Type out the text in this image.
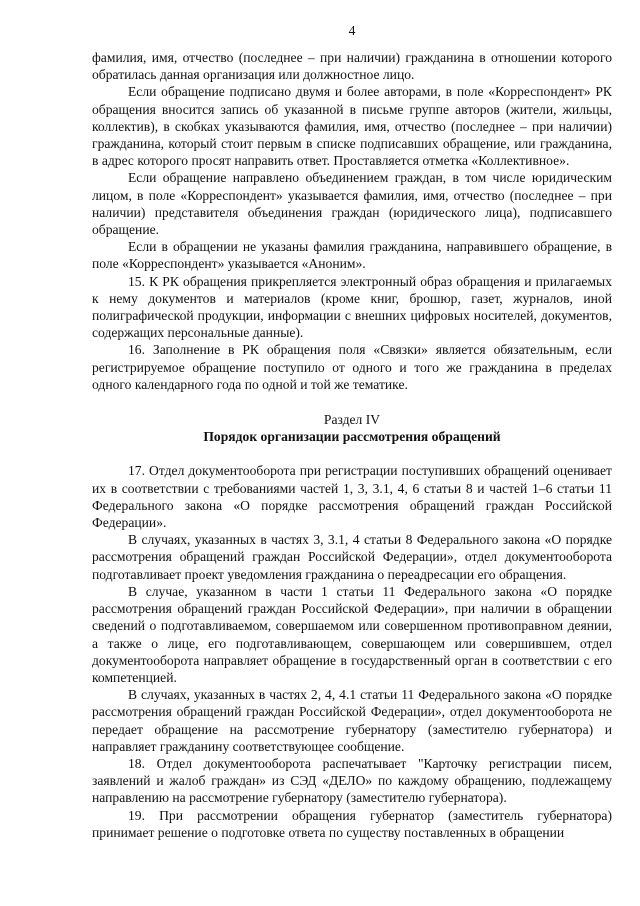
4

фамилия, имя, отчество (последнее – при наличии) гражданина в отношении которого обратилась данная организация или должностное лицо.

Если обращение подписано двумя и более авторами, в поле «Корреспондент» РК обращения вносится запись об указанной в письме группе авторов (жители, жильцы, коллектив), в скобках указываются фамилия, имя, отчество (последнее – при наличии) гражданина, который стоит первым в списке подписавших обращение, или гражданина, в адрес которого просят направить ответ. Проставляется отметка «Коллективное».

Если обращение направлено объединением граждан, в том числе юридическим лицом, в поле «Корреспондент» указывается фамилия, имя, отчество (последнее – при наличии) представителя объединения граждан (юридического лица), подписавшего обращение.

Если в обращении не указаны фамилия гражданина, направившего обращение, в поле «Корреспондент» указывается «Аноним».

15. К РК обращения прикрепляется электронный образ обращения и прилагаемых к нему документов и материалов (кроме книг, брошюр, газет, журналов, иной полиграфической продукции, информации с внешних цифровых носителей, документов, содержащих персональные данные).

16. Заполнение в РК обращения поля «Связки» является обязательным, если регистрируемое обращение поступило от одного и того же гражданина в пределах одного календарного года по одной и той же тематике.

Раздел IV
Порядок организации рассмотрения обращений

17. Отдел документооборота при регистрации поступивших обращений оценивает их в соответствии с требованиями частей 1, 3, 3.1, 4, 6 статьи 8 и частей 1–6 статьи 11 Федерального закона «О порядке рассмотрения обращений граждан Российской Федерации».

В случаях, указанных в частях 3, 3.1, 4 статьи 8 Федерального закона «О порядке рассмотрения обращений граждан Российской Федерации», отдел документооборота подготавливает проект уведомления гражданина о переадресации его обращения.

В случае, указанном в части 1 статьи 11 Федерального закона «О порядке рассмотрения обращений граждан Российской Федерации», при наличии в обращении сведений о подготавливаемом, совершаемом или совершенном противоправном деянии, а также о лице, его подготавливающем, совершающем или совершившем, отдел документооборота направляет обращение в государственный орган в соответствии с его компетенцией.

В случаях, указанных в частях 2, 4, 4.1 статьи 11 Федерального закона «О порядке рассмотрения обращений граждан Российской Федерации», отдел документооборота не передает обращение на рассмотрение губернатору (заместителю губернатора) и направляет гражданину соответствующее сообщение.

18. Отдел документооборота распечатывает "Карточку регистрации писем, заявлений и жалоб граждан» из СЭД «ДЕЛО» по каждому обращению, подлежащему направлению на рассмотрение губернатору (заместителю губернатора).

19. При рассмотрении обращения губернатор (заместитель губернатора) принимает решение о подготовке ответа по существу поставленных в обращении
